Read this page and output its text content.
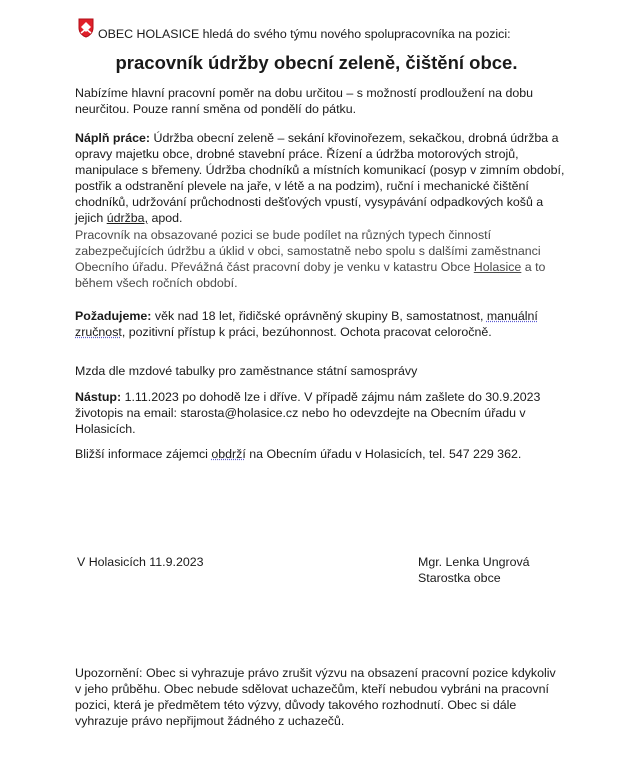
OBEC HOLASICE hledá do svého týmu nového spolupracovníka na pozici:
pracovník údržby obecní zeleně, čištění obce.
Nabízíme hlavní pracovní poměr na dobu určitou – s možností prodloužení na dobu neurčitou. Pouze ranní směna od pondělí do pátku.
Náplň práce: Údržba obecní zeleně – sekání křovinořezem, sekačkou, drobná údržba a opravy majetku obce, drobné stavební práce. Řízení a údržba motorových strojů, manipulace s břemeny. Údržba chodníků a místních komunikací (posyp v zimním období, postřik a odstranění plevele na jaře, v létě a na podzim), ruční i mechanické čištění chodníků, udržování průchodnosti dešťových vpustí, vysypávání odpadkových košů a jejich údržba, apod.
Pracovník na obsazované pozici se bude podílet na různých typech činností zabezpečujících údržbu a úklid v obci, samostatně nebo spolu s dalšími zaměstnanci Obecního úřadu. Převážná část pracovní doby je venku v katastru Obce Holasice a to během všech ročních období.
Požadujeme: věk nad 18 let, řidičské oprávněný skupiny B, samostatnost, manuální zručnost, pozitivní přístup k práci, bezúhonnost. Ochota pracovat celoročně.
Mzda dle mzdové tabulky pro zaměstnance státní samosprávy
Nástup: 1.11.2023 po dohodě lze i dříve. V případě zájmu nám zašlete do 30.9.2023 životopis na email: starosta@holasice.cz nebo ho odevzdejte na Obecním úřadu v Holasicích.
Bližší informace zájemci obdrží na Obecním úřadu v Holasicích, tel. 547 229 362.
V Holasicích 11.9.2023	Mgr. Lenka Ungrová
Starostka obce
Upozornění: Obec si vyhrazuje právo zrušit výzvu na obsazení pracovní pozice kdykoliv v jeho průběhu. Obec nebude sdělovat uchazečům, kteří nebudou vybráni na pracovní pozici, která je předmětem této výzvy, důvody takového rozhodnutí. Obec si dále vyhrazuje právo nepřijmout žádného z uchazečů.
